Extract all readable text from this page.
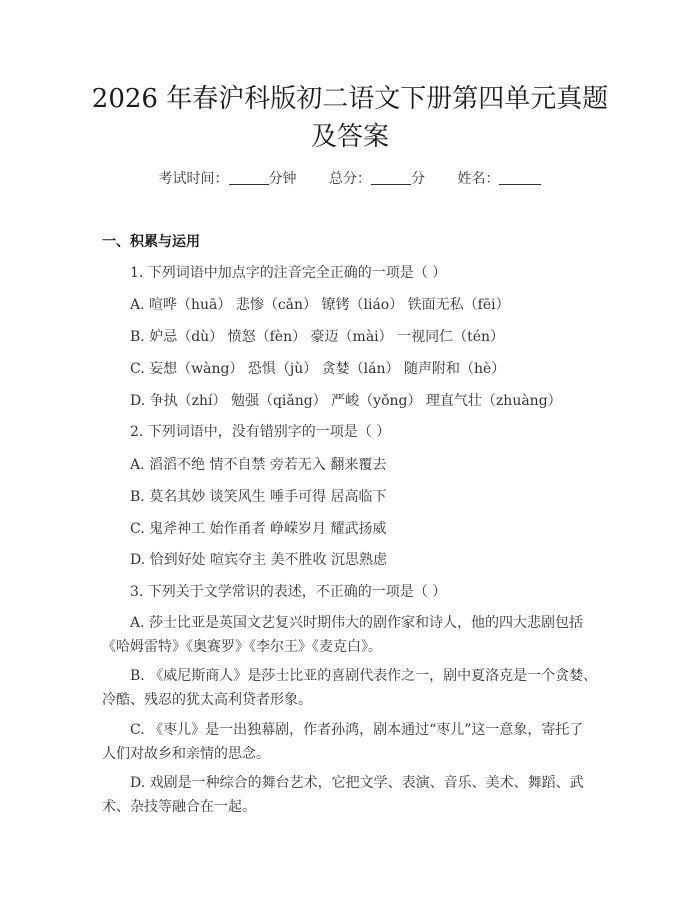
2026 年春沪科版初二语文下册第四单元真题
及答案
考试时间：	分钟 总分：	分 姓名：
一、积累与运用
1. 下列词语中加点字的注音完全正确的一项是（ ）
A. 喧哗（huā） 悲惨（cǎn） 镣铐（liáo） 铁面无私（fēi）
B. 妒忌（dù） 愤怒（fèn） 豪迈（mài） 一视同仁（tén）
C. 妄想（wàng） 恐惧（jù） 贪婪（lán） 随声附和（hè）
D. 争执（zhí） 勉强（qiǎng） 严峻（yǒng） 理直气壮（zhuàng）
2. 下列词语中，没有错别字的一项是（ ）
A. 滔滔不绝 情不自禁 旁若无入 翻来覆去
B. 莫名其妙 谈笑风生 唾手可得 居高临下
C. 鬼斧神工 始作甬者 峥嵘岁月 耀武扬威
D. 恰到好处 喧宾夺主 美不胜收 沉思熟虑
3. 下列关于文学常识的表述，不正确的一项是（ ）
A. 莎士比亚是英国文艺复兴时期伟大的剧作家和诗人，他的四大悲剧包括
《哈姆雷特》《奥赛罗》《李尔王》《麦克白》。
B. 《威尼斯商人》是莎士比亚的喜剧代表作之一，剧中夏洛克是一个贪婪、
冷酷、残忍的犹太高利贷者形象。
C. 《枣儿》是一出独幕剧，作者孙鸿，剧本通过“枣儿”这一意象，寄托了
人们对故乡和亲情的思念。
D. 戏剧是一种综合的舞台艺术，它把文学、表演、音乐、美术、舞蹈、武
术、杂技等融合在一起。
